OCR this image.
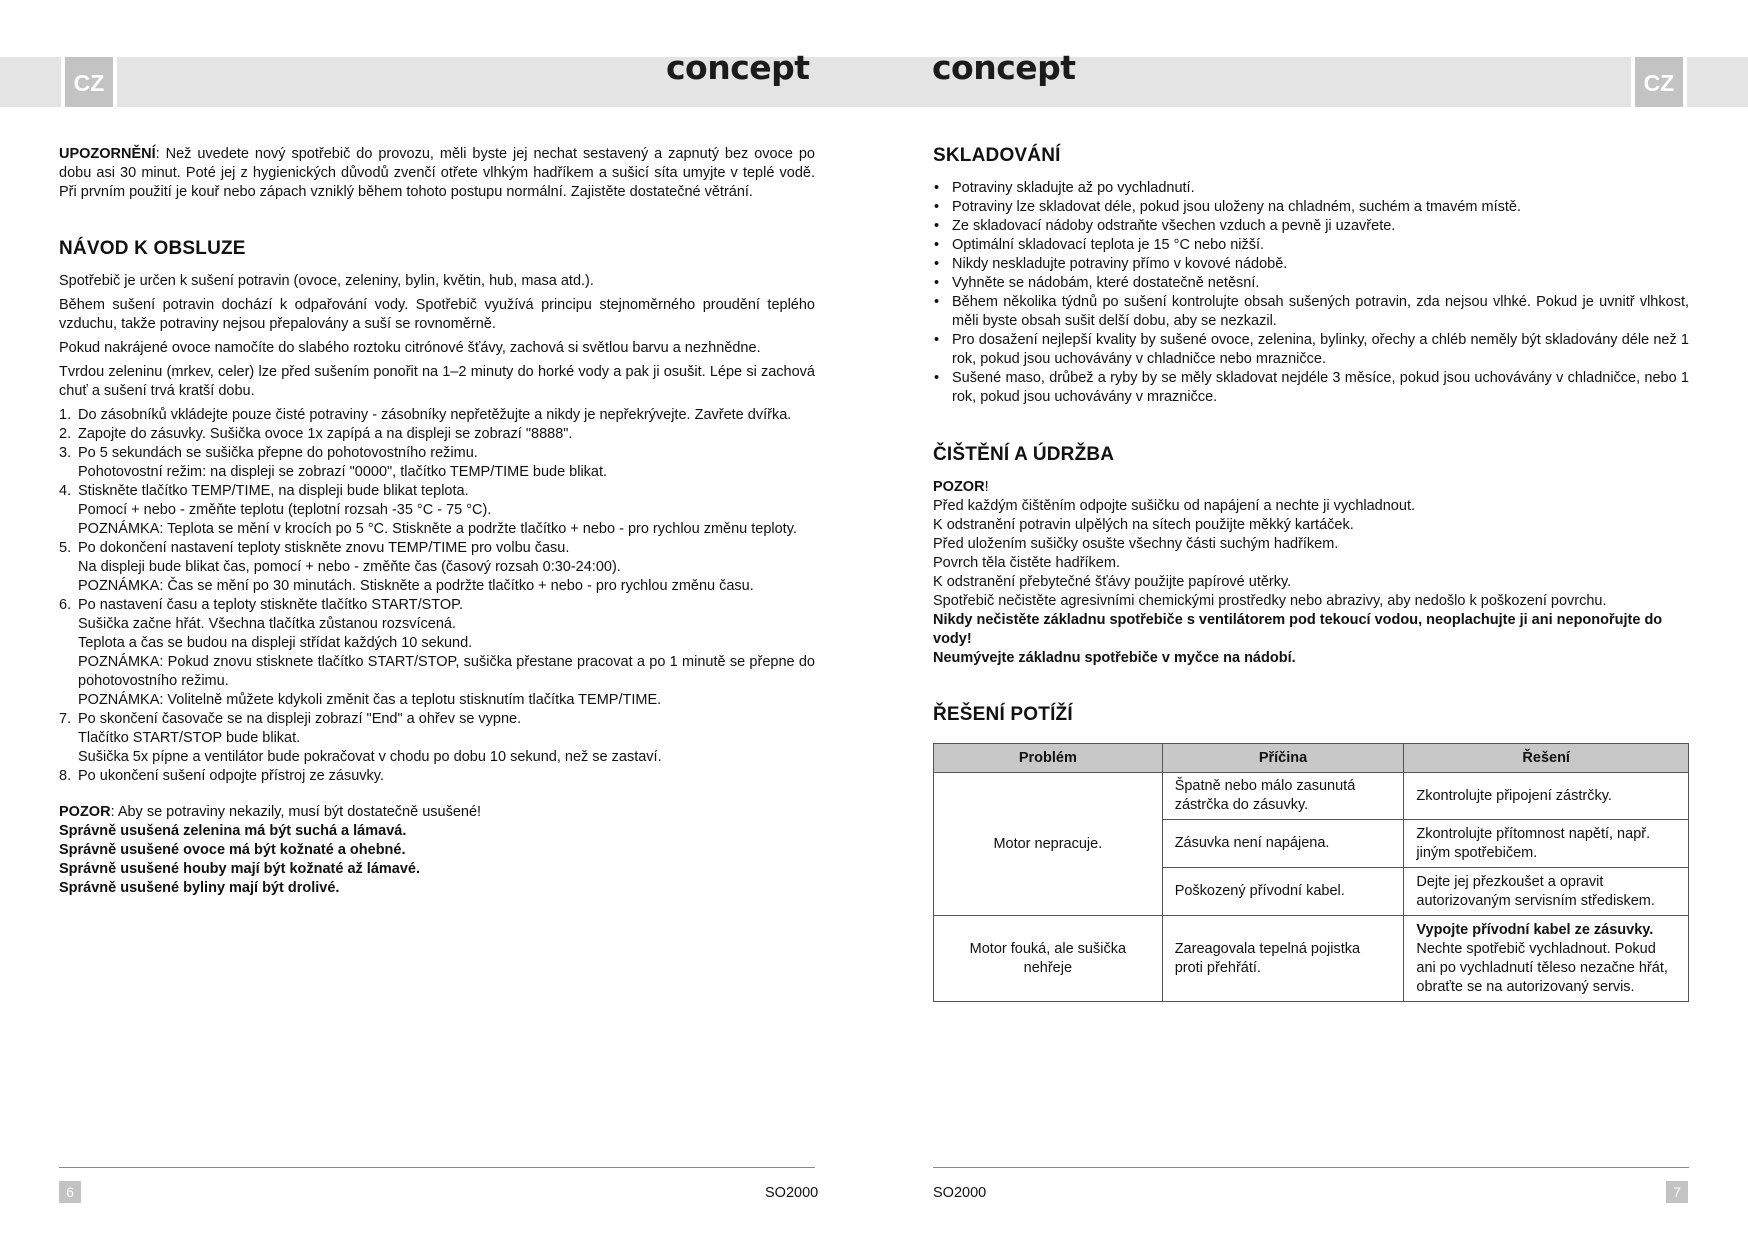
CZ	CZ
concept	concept

UPOZORNĚNÍ: Než uvedete nový spotřebič do provozu, měli byste jej nechat sestavený a zapnutý bez ovoce po dobu asi 30 minut. Poté jej z hygienických důvodů zvenčí otřete vlhkým hadříkem a sušicí síta umyjte v teplé vodě. Při prvním použití je kouř nebo zápach vzniklý během tohoto postupu normální. Zajistěte dostatečné větrání.

NÁVOD K OBSLUZE

Spotřebič je určen k sušení potravin (ovoce, zeleniny, bylin, květin, hub, masa atd.).

Během sušení potravin dochází k odpařování vody. Spotřebič využívá principu stejnoměrného proudění teplého vzduchu, takže potraviny nejsou přepalovány a suší se rovnoměrně.

Pokud nakrájené ovoce namočíte do slabého roztoku citrónové šťávy, zachová si světlou barvu a nezhnědne.

Tvrdou zeleninu (mrkev, celer) lze před sušením ponořit na 1–2 minuty do horké vody a pak ji osušit. Lépe si zachová chuť a sušení trvá kratší dobu.

1. Do zásobníků vkládejte pouze čisté potraviny - zásobníky nepřetěžujte a nikdy je nepřekrývejte. Zavřete dvířka.
2. Zapojte do zásuvky. Sušička ovoce 1x zapípá a na displeji se zobrazí "8888".
3. Po 5 sekundách se sušička přepne do pohotovostního režimu.
Pohotovostní režim: na displeji se zobrazí "0000", tlačítko TEMP/TIME bude blikat.
4. Stiskněte tlačítko TEMP/TIME, na displeji bude blikat teplota.
Pomocí + nebo - změňte teplotu (teplotní rozsah -35 °C - 75 °C).
POZNÁMKA: Teplota se mění v krocích po 5 °C. Stiskněte a podržte tlačítko + nebo - pro rychlou změnu teploty.
5. Po dokončení nastavení teploty stiskněte znovu TEMP/TIME pro volbu času.
Na displeji bude blikat čas, pomocí + nebo - změňte čas (časový rozsah 0:30-24:00).
POZNÁMKA: Čas se mění po 30 minutách. Stiskněte a podržte tlačítko + nebo - pro rychlou změnu času.
6. Po nastavení času a teploty stiskněte tlačítko START/STOP.
Sušička začne hřát. Všechna tlačítka zůstanou rozsvícená.
Teplota a čas se budou na displeji střídat každých 10 sekund.
POZNÁMKA: Pokud znovu stisknete tlačítko START/STOP, sušička přestane pracovat a po 1 minutě se přepne do pohotovostního režimu.
POZNÁMKA: Volitelně můžete kdykoli změnit čas a teplotu stisknutím tlačítka TEMP/TIME.
7. Po skončení časovače se na displeji zobrazí "End" a ohřev se vypne.
Tlačítko START/STOP bude blikat.
Sušička 5x pípne a ventilátor bude pokračovat v chodu po dobu 10 sekund, než se zastaví.
8. Po ukončení sušení odpojte přístroj ze zásuvky.

POZOR: Aby se potraviny nekazily, musí být dostatečně usušené!

Správně usušená zelenina má být suchá a lámavá.

Správně usušené ovoce má být kožnaté a ohebné.

Správně usušené houby mají být kožnaté až lámavé.

Správně usušené byliny mají být drolivé.

SKLADOVÁNÍ
• Potraviny skladujte až po vychladnutí.
• Potraviny lze skladovat déle, pokud jsou uloženy na chladném, suchém a tmavém místě.
• Ze skladovací nádoby odstraňte všechen vzduch a pevně ji uzavřete.
• Optimální skladovací teplota je 15 °C nebo nižší.
• Nikdy neskladujte potraviny přímo v kovové nádobě.
• Vyhněte se nádobám, které dostatečně netěsní.
• Během několika týdnů po sušení kontrolujte obsah sušených potravin, zda nejsou vlhké. Pokud je uvnitř vlhkost, měli byste obsah sušit delší dobu, aby se nezkazil.
• Pro dosažení nejlepší kvality by sušené ovoce, zelenina, bylinky, ořechy a chléb neměly být skladovány déle než 1 rok, pokud jsou uchovávány v chladničce nebo mrazničce.
• Sušené maso, drůbež a ryby by se měly skladovat nejdéle 3 měsíce, pokud jsou uchovávány v chladničce, nebo 1 rok, pokud jsou uchovávány v mrazničce.
ČIŠTĚNÍ A ÚDRŽBA

POZOR!

Před každým čištěním odpojte sušičku od napájení a nechte ji vychladnout.

K odstranění potravin ulpělých na sítech použijte měkký kartáček.

Před uložením sušičky osušte všechny části suchým hadříkem.

Povrch těla čistěte hadříkem.

K odstranění přebytečné šťávy použijte papírové utěrky.

Spotřebič nečistěte agresivními chemickými prostředky nebo abrazivy, aby nedošlo k poškození povrchu.

Nikdy nečistěte základnu spotřebiče s ventilátorem pod tekoucí vodou, neoplachujte ji ani neponořujte do vody!

Neumývejte základnu spotřebiče v myčce na nádobí.

ŘEŠENÍ POTÍŽÍ
Problém	Příčina	Řešení
Motor nepracuje.	Špatně nebo málo zasunutá zástrčka do zásuvky.	Zkontrolujte připojení zástrčky.
	Zásuvka není napájena.	Zkontrolujte přítomnost napětí, např. jiným spotřebičem.
	Poškozený přívodní kabel.	Dejte jej přezkoušet a opravit autorizovaným servisním střediskem.
Motor fouká, ale sušička nehřeje	Zareagovala tepelná pojistka proti přehřátí.	Vypojte přívodní kabel ze zásuvky.
Nechte spotřebič vychladnout. Pokud ani po vychladnutí těleso nezačne hřát, obraťte se na autorizovaný servis.
6	SO2000	SO2000	7
